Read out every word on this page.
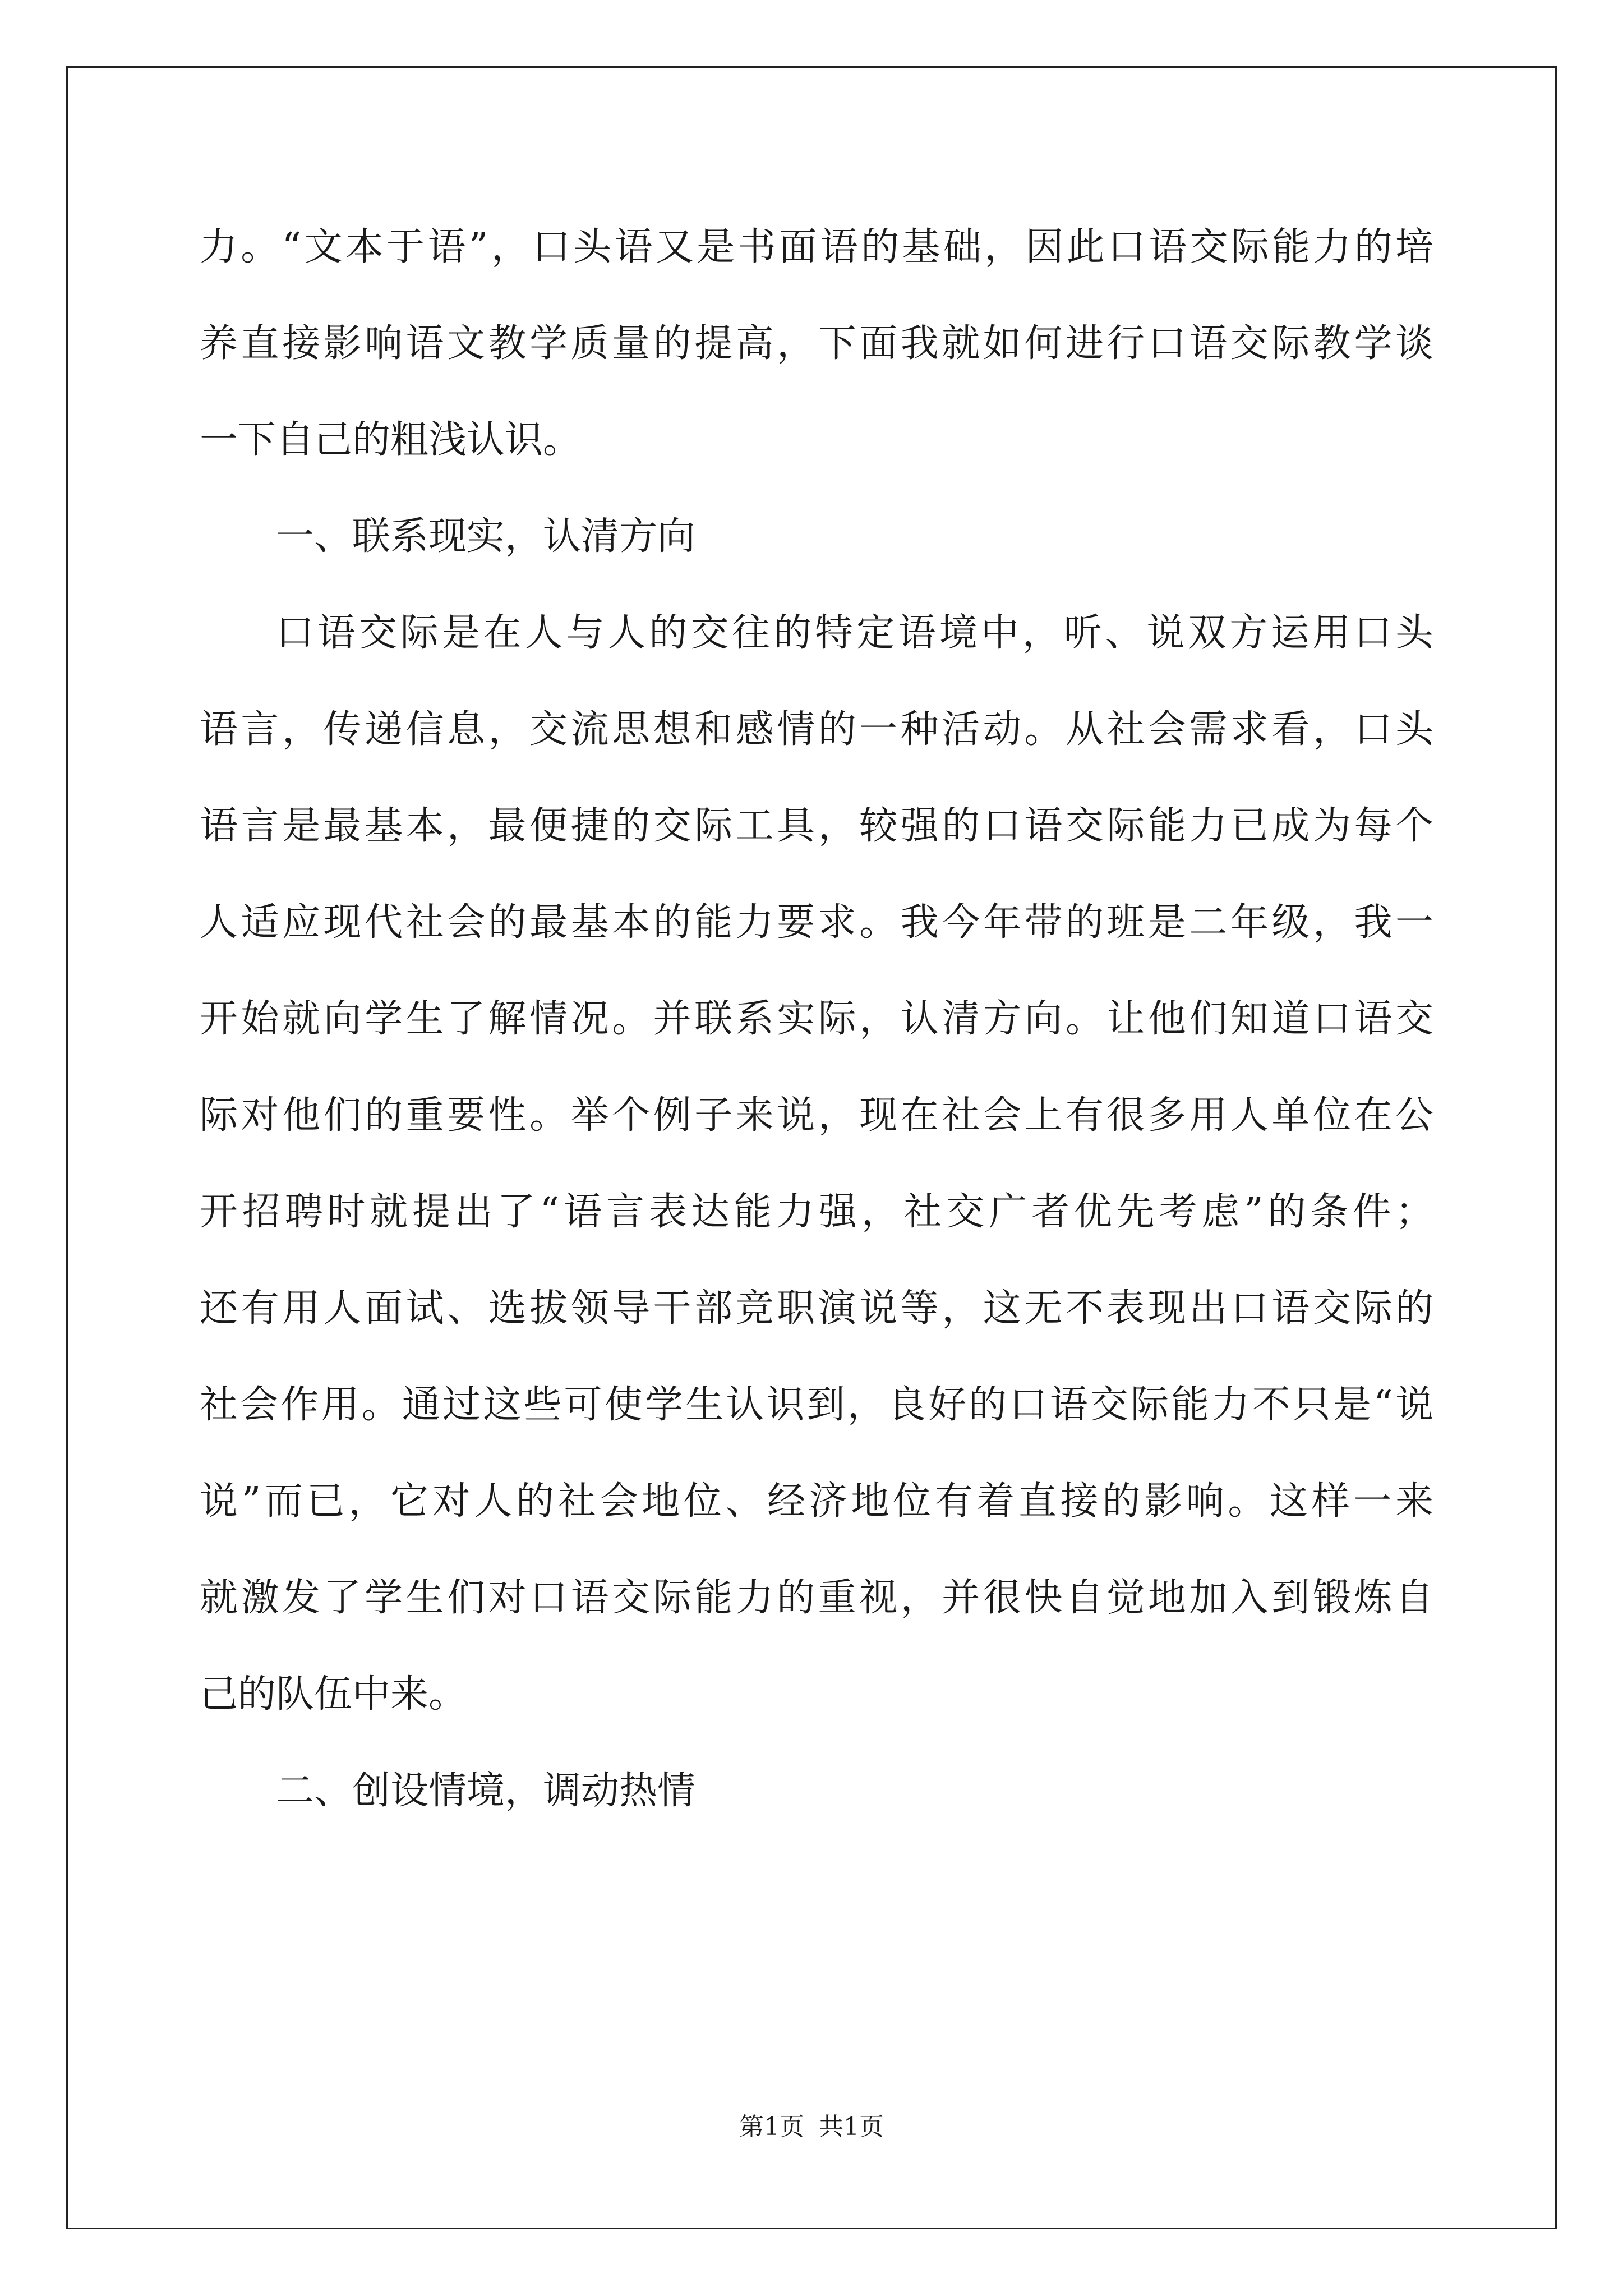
力。“文本于语”，口头语又是书面语的基础，因此口语交际能力的培
养直接影响语文教学质量的提高，下面我就如何进行口语交际教学谈
一下自己的粗浅认识。
一、联系现实，认清方向
口语交际是在人与人的交往的特定语境中，听、说双方运用口头
语言，传递信息，交流思想和感情的一种活动。从社会需求看，口头
语言是最基本，最便捷的交际工具，较强的口语交际能力已成为每个
人适应现代社会的最基本的能力要求。我今年带的班是二年级，我一
开始就向学生了解情况。并联系实际，认清方向。让他们知道口语交
际对他们的重要性。举个例子来说，现在社会上有很多用人单位在公
开招聘时就提出了“语言表达能力强，社交广者优先考虑”的条件；
还有用人面试、选拔领导干部竞职演说等，这无不表现出口语交际的
社会作用。通过这些可使学生认识到，良好的口语交际能力不只是“说
说”而已，它对人的社会地位、经济地位有着直接的影响。这样一来
就激发了学生们对口语交际能力的重视，并很快自觉地加入到锻炼自
己的队伍中来。
二、创设情境，调动热情
第1页 共1页
